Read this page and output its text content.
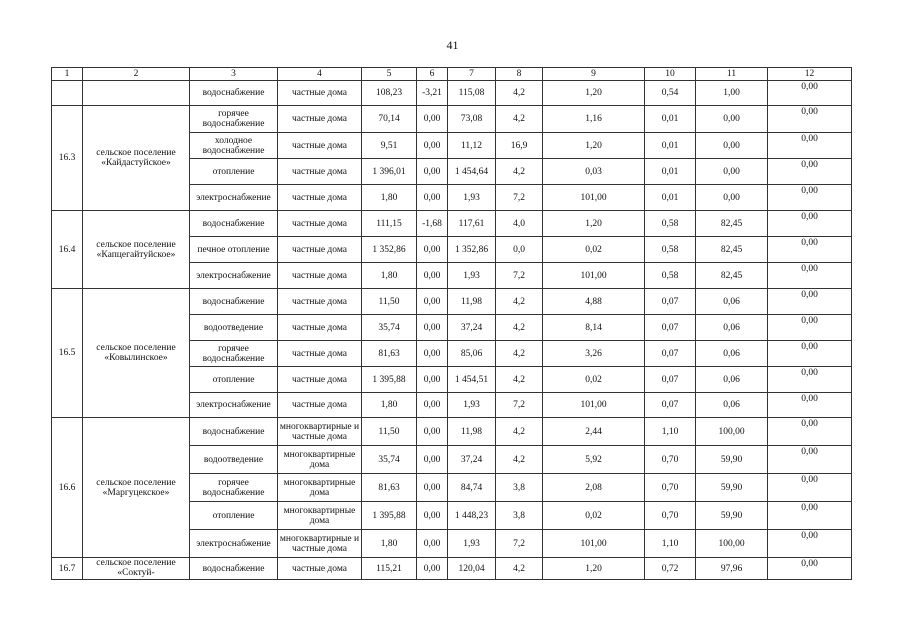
41
1	2	3	4	5	6	7	8	9	10	11	12
		водоснабжение	частные дома	108,23	-3,21	115,08	4,2	1,20	0,54	1,00	0,00
16.3	сельское поселение «Кайдастуйское»	горячее водоснабжение	частные дома	70,14	0,00	73,08	4,2	1,16	0,01	0,00	0,00
		холодное водоснабжение	частные дома	9,51	0,00	11,12	16,9	1,20	0,01	0,00	0,00
		отопление	частные дома	1 396,01	0,00	1 454,64	4,2	0,03	0,01	0,00	0,00
		электроснабжение	частные дома	1,80	0,00	1,93	7,2	101,00	0,01	0,00	0,00
16.4	сельское поселение «Капцегайтуйское»	водоснабжение	частные дома	111,15	-1,68	117,61	4,0	1,20	0,58	82,45	0,00
		печное отопление	частные дома	1 352,86	0,00	1 352,86	0,0	0,02	0,58	82,45	0,00
		электроснабжение	частные дома	1,80	0,00	1,93	7,2	101,00	0,58	82,45	0,00
16.5	сельское поселение «Ковылинское»	водоснабжение	частные дома	11,50	0,00	11,98	4,2	4,88	0,07	0,06	0,00
		водоотведение	частные дома	35,74	0,00	37,24	4,2	8,14	0,07	0,06	0,00
		горячее водоснабжение	частные дома	81,63	0,00	85,06	4,2	3,26	0,07	0,06	0,00
		отопление	частные дома	1 395,88	0,00	1 454,51	4,2	0,02	0,07	0,06	0,00
		электроснабжение	частные дома	1,80	0,00	1,93	7,2	101,00	0,07	0,06	0,00
16.6	сельское поселение «Маргуцекское»	водоснабжение	многоквартирные и частные дома	11,50	0,00	11,98	4,2	2,44	1,10	100,00	0,00
		водоотведение	многоквартирные дома	35,74	0,00	37,24	4,2	5,92	0,70	59,90	0,00
		горячее водоснабжение	многоквартирные дома	81,63	0,00	84,74	3,8	2,08	0,70	59,90	0,00
		отопление	многоквартирные дома	1 395,88	0,00	1 448,23	3,8	0,02	0,70	59,90	0,00
		электроснабжение	многоквартирные и частные дома	1,80	0,00	1,93	7,2	101,00	1,10	100,00	0,00
16.7	сельское поселение «Соктуй-	водоснабжение	частные дома	115,21	0,00	120,04	4,2	1,20	0,72	97,96	0,00
